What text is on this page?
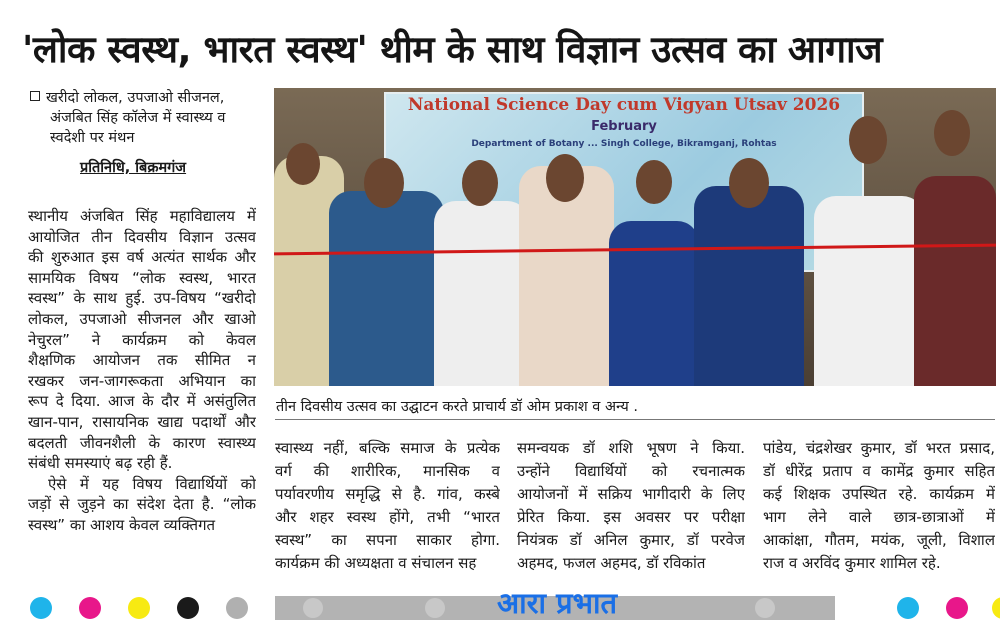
'लोक स्वस्थ, भारत स्वस्थ' थीम के साथ विज्ञान उत्सव का आगाज
खरीदो लोकल, उपजाओ सीजनल,
अंजबित सिंह कॉलेज में स्वास्थ्य व
स्वदेशी पर मंथन
प्रतिनिधि, बिक्रमगंज
स्थानीय अंजबित सिंह महाविद्यालय में
आयोजित तीन दिवसीय विज्ञान उत्सव
की शुरुआत इस वर्ष अत्यंत सार्थक और
सामयिक विषय “लोक स्वस्थ, भारत
स्वस्थ” के साथ हुई. उप-विषय “खरीदो
लोकल, उपजाओ सीजनल और खाओ
नेचुरल” ने कार्यक्रम को केवल
शैक्षणिक आयोजन तक सीमित न
रखकर जन-जागरूकता अभियान का
रूप दे दिया. आज के दौर में असंतुलित
खान-पान, रासायनिक खाद्य पदार्थों और
बदलती जीवनशैली के कारण स्वास्थ्य
संबंधी समस्याएं बढ़ रही हैं.
ऐसे में यह विषय विद्यार्थियों को
जड़ों से जुड़ने का संदेश देता है. “लोक
स्वस्थ” का आशय केवल व्यक्तिगत
National Science Day cum Vigyan Utsav 2026
February
Department of Botany ... Singh College, Bikramganj, Rohtas
तीन दिवसीय उत्सव का उद्घाटन करते प्राचार्य डॉ ओम प्रकाश व अन्य .
स्वास्थ्य नहीं, बल्कि समाज के प्रत्येक
वर्ग की शारीरिक, मानसिक व
पर्यावरणीय समृद्धि से है. गांव, कस्बे
और शहर स्वस्थ होंगे, तभी “भारत
स्वस्थ” का सपना साकार होगा.
कार्यक्रम की अध्यक्षता व संचालन सह
समन्वयक डॉ शशि भूषण ने किया.
उन्होंने विद्यार्थियों को रचनात्मक
आयोजनों में सक्रिय भागीदारी के लिए
प्रेरित किया. इस अवसर पर परीक्षा
नियंत्रक डॉ अनिल कुमार, डॉ परवेज
अहमद, फजल अहमद, डॉ रविकांत
पांडेय, चंद्रशेखर कुमार, डॉ भरत प्रसाद,
डॉ धीरेंद्र प्रताप व कामेंद्र कुमार सहित
कई शिक्षक उपस्थित रहे. कार्यक्रम में
भाग लेने वाले छात्र-छात्राओं में
आकांक्षा, गौतम, मयंक, जूली, विशाल
राज व अरविंद कुमार शामिल रहे.
आरा प्रभात
